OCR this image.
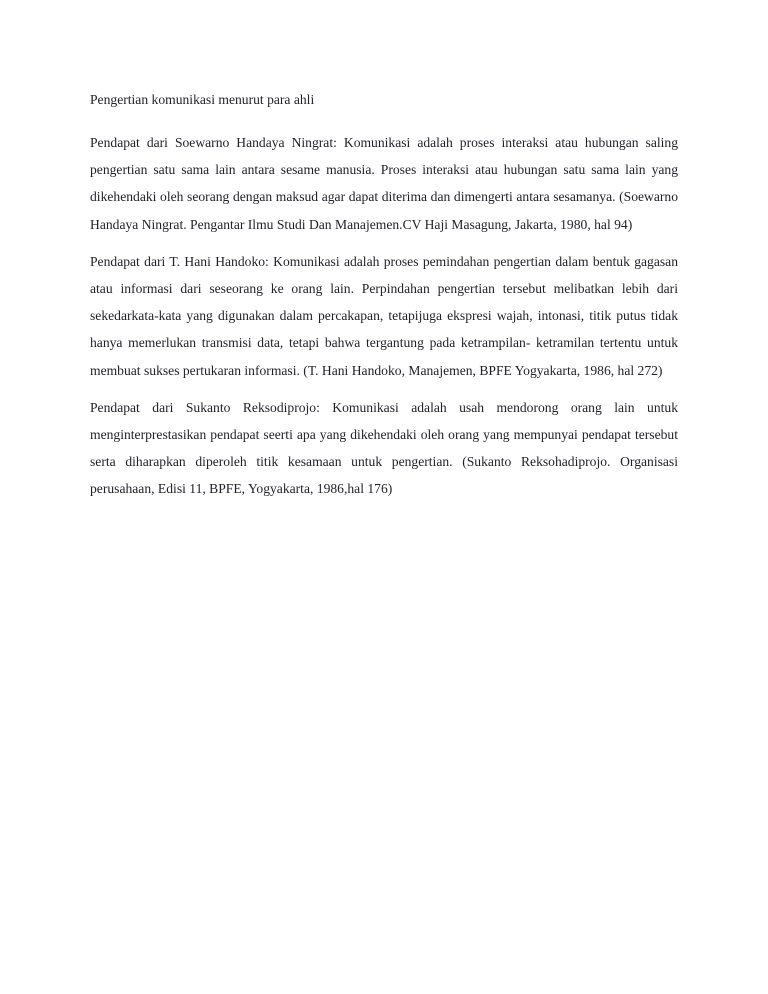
Pengertian komunikasi menurut para ahli

Pendapat dari Soewarno Handaya Ningrat: Komunikasi adalah proses interaksi atau hubungan saling pengertian satu sama lain antara sesame manusia. Proses interaksi atau hubungan satu sama lain yang dikehendaki oleh seorang dengan maksud agar dapat diterima dan dimengerti antara sesamanya. (Soewarno Handaya Ningrat. Pengantar Ilmu Studi Dan Manajemen.CV Haji Masagung, Jakarta, 1980, hal 94)

Pendapat dari T. Hani Handoko: Komunikasi adalah proses pemindahan pengertian dalam bentuk gagasan atau informasi dari seseorang ke orang lain. Perpindahan pengertian tersebut melibatkan lebih dari sekedarkata-kata yang digunakan dalam percakapan, tetapijuga ekspresi wajah, intonasi, titik putus tidak hanya memerlukan transmisi data, tetapi bahwa tergantung pada ketrampilan- ketramilan tertentu untuk membuat sukses pertukaran informasi. (T. Hani Handoko, Manajemen, BPFE Yogyakarta, 1986, hal 272)

Pendapat dari Sukanto Reksodiprojo: Komunikasi adalah usah mendorong orang lain untuk menginterprestasikan pendapat seerti apa yang dikehendaki oleh orang yang mempunyai pendapat tersebut serta diharapkan diperoleh titik kesamaan untuk pengertian. (Sukanto Reksohadiprojo. Organisasi perusahaan, Edisi 11, BPFE, Yogyakarta, 1986,hal 176)
